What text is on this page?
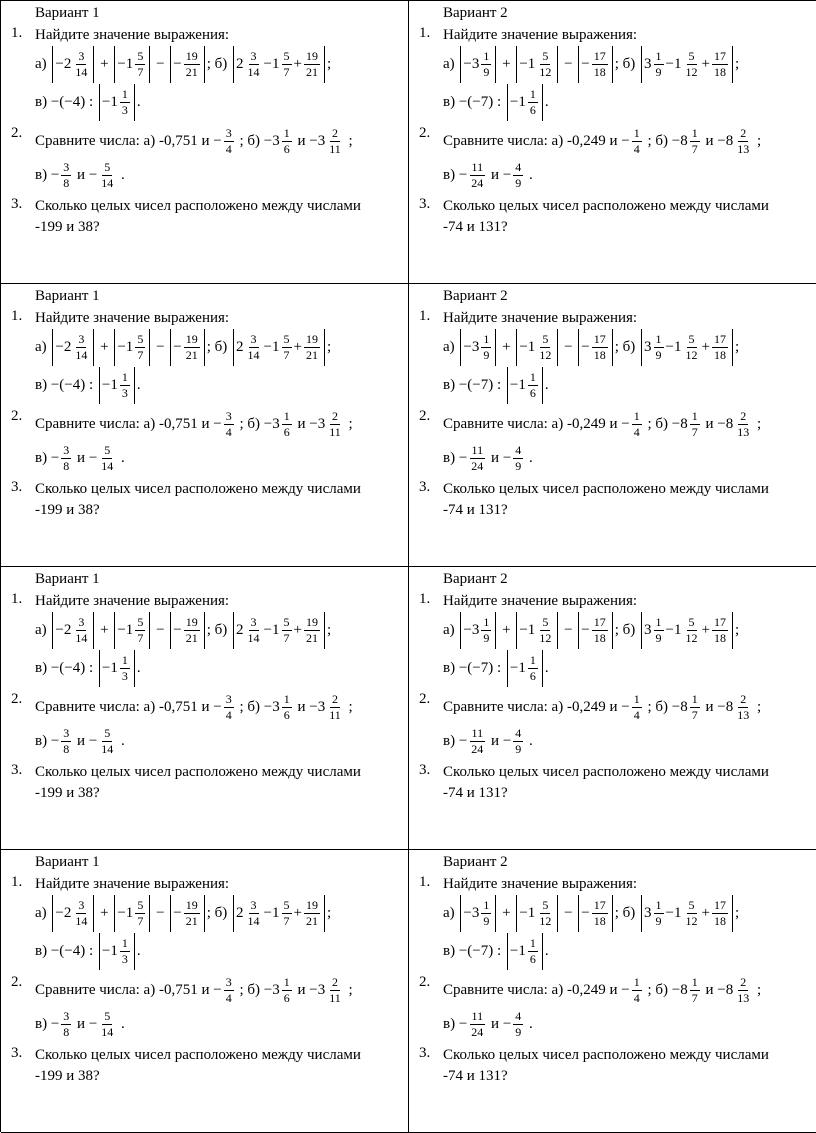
Вариант 1
1. Найдите значение выражения:
$а) -2 \frac{3}{14} + -1 \frac{5}{7}$ − − $\frac{19}{21}$ ; б) $2 \frac{3}{14} -1 \frac{5}{7} + \frac{19}{21}$ ;
в) −(−4) : $-1 \frac{1}{3}$ .
2. Сравните числа: а) -0,751 $и - \frac{3}{4}$ ; $б) -3 \frac{1}{6}$ $и -3 \frac{2}{11}$ ;
$в) - \frac{3}{8}$ $и - \frac{5}{14}$ .
3. Сколько целых чисел расположено между числами
-199 и 38?
Вариант 2
1. Найдите значение выражения:
$а) -3 \frac{1}{9} + -1 \frac{5}{12}$ − − $\frac{17}{18}$ ; б) $3 \frac{1}{9} -1 \frac{5}{12} + \frac{17}{18}$ ;
в) −(−7) : $-1 \frac{1}{6}$ .
2. Сравните числа: а) -0,249 $и - \frac{1}{4}$ ; $б) -8 \frac{1}{7}$ $и -8 \frac{2}{13}$ ;
$в) - \frac{11}{24}$ $и - \frac{4}{9}$ .
3. Сколько целых чисел расположено между числами
-74 и 131?
Вариант 1
1. Найдите значение выражения:
$а) -2 \frac{3}{14} + -1 \frac{5}{7}$ − − $\frac{19}{21}$ ; б) $2 \frac{3}{14} -1 \frac{5}{7} + \frac{19}{21}$ ;
в) −(−4) : $-1 \frac{1}{3}$ .
2. Сравните числа: а) -0,751 $и - \frac{3}{4}$ ; $б) -3 \frac{1}{6}$ $и -3 \frac{2}{11}$ ;
$в) - \frac{3}{8}$ $и - \frac{5}{14}$ .
3. Сколько целых чисел расположено между числами
-199 и 38?
Вариант 2
1. Найдите значение выражения:
$а) -3 \frac{1}{9} + -1 \frac{5}{12}$ − − $\frac{17}{18}$ ; б) $3 \frac{1}{9} -1 \frac{5}{12} + \frac{17}{18}$ ;
в) −(−7) : $-1 \frac{1}{6}$ .
2. Сравните числа: а) -0,249 $и - \frac{1}{4}$ ; $б) -8 \frac{1}{7}$ $и -8 \frac{2}{13}$ ;
$в) - \frac{11}{24}$ $и - \frac{4}{9}$ .
3. Сколько целых чисел расположено между числами
-74 и 131?
Вариант 1
1. Найдите значение выражения:
$а) -2 \frac{3}{14} + -1 \frac{5}{7}$ − − $\frac{19}{21}$ ; б) $2 \frac{3}{14} -1 \frac{5}{7} + \frac{19}{21}$ ;
в) −(−4) : $-1 \frac{1}{3}$ .
2. Сравните числа: а) -0,751 $и - \frac{3}{4}$ ; $б) -3 \frac{1}{6}$ $и -3 \frac{2}{11}$ ;
$в) - \frac{3}{8}$ $и - \frac{5}{14}$ .
3. Сколько целых чисел расположено между числами
-199 и 38?
Вариант 2
1. Найдите значение выражения:
$а) -3 \frac{1}{9} + -1 \frac{5}{12}$ − − $\frac{17}{18}$ ; б) $3 \frac{1}{9} -1 \frac{5}{12} + \frac{17}{18}$ ;
в) −(−7) : $-1 \frac{1}{6}$ .
2. Сравните числа: а) -0,249 $и - \frac{1}{4}$ ; $б) -8 \frac{1}{7}$ $и -8 \frac{2}{13}$ ;
$в) - \frac{11}{24}$ $и - \frac{4}{9}$ .
3. Сколько целых чисел расположено между числами
-74 и 131?
Вариант 1
1. Найдите значение выражения:
$а) -2 \frac{3}{14} + -1 \frac{5}{7}$ − − $\frac{19}{21}$ ; б) $2 \frac{3}{14} -1 \frac{5}{7} + \frac{19}{21}$ ;
в) −(−4) : $-1 \frac{1}{3}$ .
2. Сравните числа: а) -0,751 $и - \frac{3}{4}$ ; $б) -3 \frac{1}{6}$ $и -3 \frac{2}{11}$ ;
$в) - \frac{3}{8}$ $и - \frac{5}{14}$ .
3. Сколько целых чисел расположено между числами
-199 и 38?
Вариант 2
1. Найдите значение выражения:
$а) -3 \frac{1}{9} + -1 \frac{5}{12}$ − − $\frac{17}{18}$ ; б) $3 \frac{1}{9} -1 \frac{5}{12} + \frac{17}{18}$ ;
в) −(−7) : $-1 \frac{1}{6}$ .
2. Сравните числа: а) -0,249 $и - \frac{1}{4}$ ; $б) -8 \frac{1}{7}$ $и -8 \frac{2}{13}$ ;
$в) - \frac{11}{24}$ $и - \frac{4}{9}$ .
3. Сколько целых чисел расположено между числами
-74 и 131?
